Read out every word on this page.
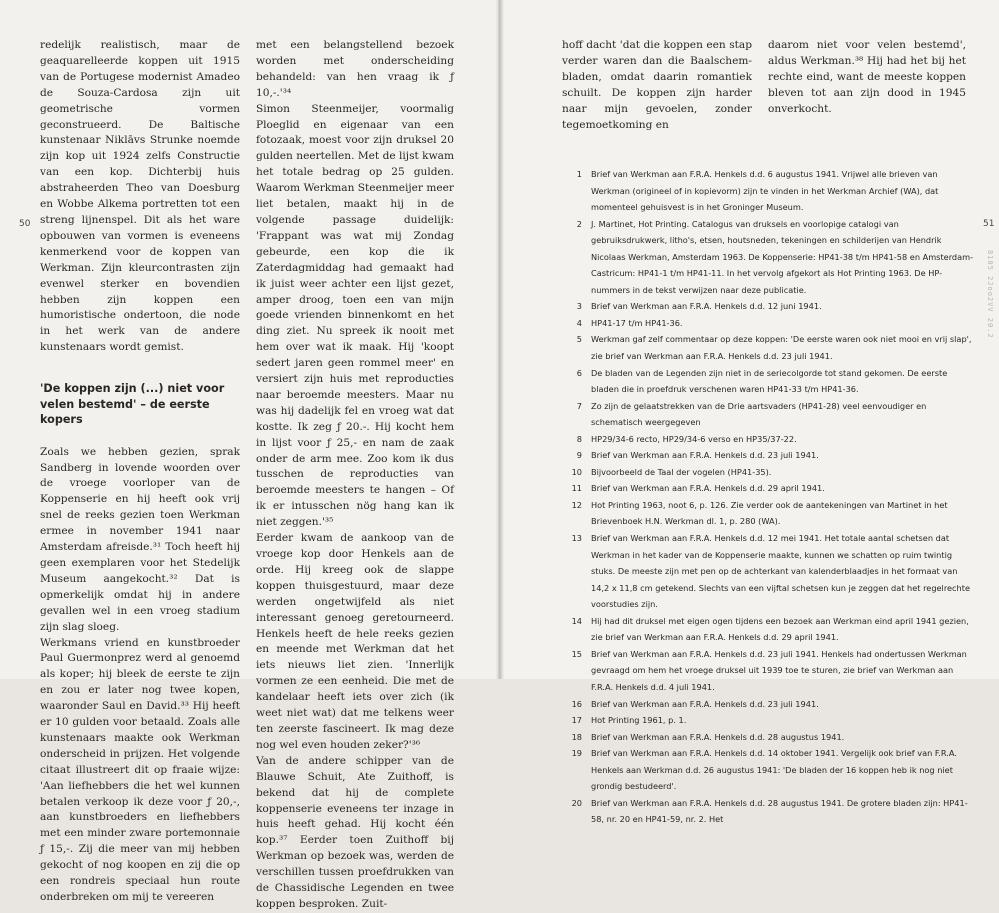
redelijk realistisch, maar de geaquarelleerde koppen uit 1915 van de Portugese modernist Amadeo de Souza-Cardosa zijn uit geometrische vormen geconstrueerd. De Baltische kunstenaar Niklāvs Strunke noemde zijn kop uit 1924 zelfs Constructie van een kop. Dichterbij huis abstraheerden Theo van Doesburg en Wobbe Alkema portretten tot een streng lijnenspel. Dit als het ware opbouwen van vormen is eveneens kenmerkend voor de koppen van Werkman. Zijn kleurcontrasten zijn evenwel sterker en bovendien hebben zijn koppen een humoristische ondertoon, die node in het werk van de andere kunstenaars wordt gemist.

'De koppen zijn (...) niet voor velen bestemd' – de eerste kopers

Zoals we hebben gezien, sprak Sandberg in lovende woorden over de vroege voorloper van de Koppenserie en hij heeft ook vrij snel de reeks gezien toen Werkman ermee in november 1941 naar Amsterdam afreisde.³¹ Toch heeft hij geen exemplaren voor het Stedelijk Museum aangekocht.³² Dat is opmerkelijk omdat hij in andere gevallen wel in een vroeg stadium zijn slag sloeg.

Werkmans vriend en kunstbroeder Paul Guermonprez werd al genoemd als koper; hij bleek de eerste te zijn en zou er later nog twee kopen, waaronder Saul en David.³³ Hij heeft er 10 gulden voor betaald. Zoals alle kunstenaars maakte ook Werkman onderscheid in prijzen. Het volgende citaat illustreert dit op fraaie wijze: 'Aan liefhebbers die het wel kunnen betalen verkoop ik deze voor ƒ 20,-, aan kunstbroeders en liefhebbers met een minder zware portemonnaie ƒ 15,-. Zij die meer van mij hebben gekocht of nog koopen en zij die op een rondreis speciaal hun route onderbreken om mij te vereeren

met een belangstellend bezoek worden met onderscheiding behandeld: van hen vraag ik ƒ 10,-.'³⁴

Simon Steenmeijer, voormalig Ploeglid en eigenaar van een fotozaak, moest voor zijn druksel 20 gulden neertellen. Met de lijst kwam het totale bedrag op 25 gulden. Waarom Werkman Steenmeijer meer liet betalen, maakt hij in de volgende passage duidelijk: 'Frappant was wat mij Zondag gebeurde, een kop die ik Zaterdagmiddag had gemaakt had ik juist weer achter een lijst gezet, amper droog, toen een van mijn goede vrienden binnenkomt en het ding ziet. Nu spreek ik nooit met hem over wat ik maak. Hij 'koopt sedert jaren geen rommel meer' en versiert zijn huis met reproducties naar beroemde meesters. Maar nu was hij dadelijk fel en vroeg wat dat kostte. Ik zeg ƒ 20.-. Hij kocht hem in lijst voor ƒ 25,- en nam de zaak onder de arm mee. Zoo kom ik dus tusschen de reproducties van beroemde meesters te hangen – Of ik er intusschen nög hang kan ik niet zeggen.'³⁵

Eerder kwam de aankoop van de vroege kop door Henkels aan de orde. Hij kreeg ook de slappe koppen thuisgestuurd, maar deze werden ongetwijfeld als niet interessant genoeg geretourneerd. Henkels heeft de hele reeks gezien en meende met Werkman dat het iets nieuws liet zien. 'Innerlijk vormen ze een eenheid. Die met de kandelaar heeft iets over zich (ik weet niet wat) dat me telkens weer ten zeerste fascineert. Ik mag deze nog wel even houden zeker?'³⁶

Van de andere schipper van de Blauwe Schuit, Ate Zuithoff, is bekend dat hij de complete koppenserie eveneens ter inzage in huis heeft gehad. Hij kocht één kop.³⁷ Eerder toen Zuithoff bij Werkman op bezoek was, werden de verschillen tussen proefdrukken van de Chassidische Legenden en twee koppen besproken. Zuit-

50

hoff dacht 'dat die koppen een stap verder waren dan die Baalschem-bladen, omdat daarin romantiek schuilt. De koppen zijn harder naar mijn gevoelen, zonder tegemoetkoming en

daarom niet voor velen bestemd', aldus Werkman.³⁸ Hij had het bij het rechte eind, want de meeste koppen bleven tot aan zijn dood in 1945 onverkocht.

1	Brief van Werkman aan F.R.A. Henkels d.d. 6 augustus 1941. Vrijwel alle brieven van Werkman (origineel of in kopievorm) zijn te vinden in het Werkman Archief (WA), dat momenteel gehuisvest is in het Groninger Museum.
2	J. Martinet, Hot Printing. Catalogus van druksels en voorlopige catalogi van gebruiksdrukwerk, litho's, etsen, houtsneden, tekeningen en schilderijen van Hendrik Nicolaas Werkman, Amsterdam 1963. De Koppenserie: HP41-38 t/m HP41-58 en Amsterdam-Castricum: HP41-1 t/m HP41-11. In het vervolg afgekort als Hot Printing 1963. De HP-nummers in de tekst verwijzen naar deze publicatie.
3	Brief van Werkman aan F.R.A. Henkels d.d. 12 juni 1941.
4	HP41-17 t/m HP41-36.
5	Werkman gaf zelf commentaar op deze koppen: 'De eerste waren ook niet mooi en vrij slap', zie brief van Werkman aan F.R.A. Henkels d.d. 23 juli 1941.
6	De bladen van de Legenden zijn niet in de seriecolgorde tot stand gekomen. De eerste bladen die in proefdruk verschenen waren HP41-33 t/m HP41-36.
7	Zo zijn de gelaatstrekken van de Drie aartsvaders (HP41-28) veel eenvoudiger en schematisch weergegeven
8	HP29/34-6 recto, HP29/34-6 verso en HP35/37-22.
9	Brief van Werkman aan F.R.A. Henkels d.d. 23 juli 1941.
10	Bijvoorbeeld de Taal der vogelen (HP41-35).
11	Brief van Werkman aan F.R.A. Henkels d.d. 29 april 1941.
12	Hot Printing 1963, noot 6, p. 126. Zie verder ook de aantekeningen van Martinet in het Brievenboek H.N. Werkman dl. 1, p. 280 (WA).
13	Brief van Werkman aan F.R.A. Henkels d.d. 12 mei 1941. Het totale aantal schetsen dat Werkman in het kader van de Koppenserie maakte, kunnen we schatten op ruim twintig stuks. De meeste zijn met pen op de achterkant van kalenderblaadjes in het formaat van 14,2 x 11,8 cm getekend. Slechts van een vijftal schetsen kun je zeggen dat het regelrechte voorstudies zijn.
14	Hij had dit druksel met eigen ogen tijdens een bezoek aan Werkman eind april 1941 gezien, zie brief van Werkman aan F.R.A. Henkels d.d. 29 april 1941.
15	Brief van Werkman aan F.R.A. Henkels d.d. 23 juli 1941. Henkels had ondertussen Werkman gevraagd om hem het vroege druksel uit 1939 toe te sturen, zie brief van Werkman aan F.R.A. Henkels d.d. 4 juli 1941.
16	Brief van Werkman aan F.R.A. Henkels d.d. 23 juli 1941.
17	Hot Printing 1961, p. 1.
18	Brief van Werkman aan F.R.A. Henkels d.d. 28 augustus 1941.
19	Brief van Werkman aan F.R.A. Henkels d.d. 14 oktober 1941. Vergelijk ook brief van F.R.A. Henkels aan Werkman d.d. 26 augustus 1941: 'De bladen der 16 koppen heb ik nog niet grondig bestudeerd'.
20	Brief van Werkman aan F.R.A. Henkels d.d. 28 augustus 1941. De grotere bladen zijn: HP41-58, nr. 20 en HP41-59, nr. 2. Het
51
8105 2Joo2VV 20.2
